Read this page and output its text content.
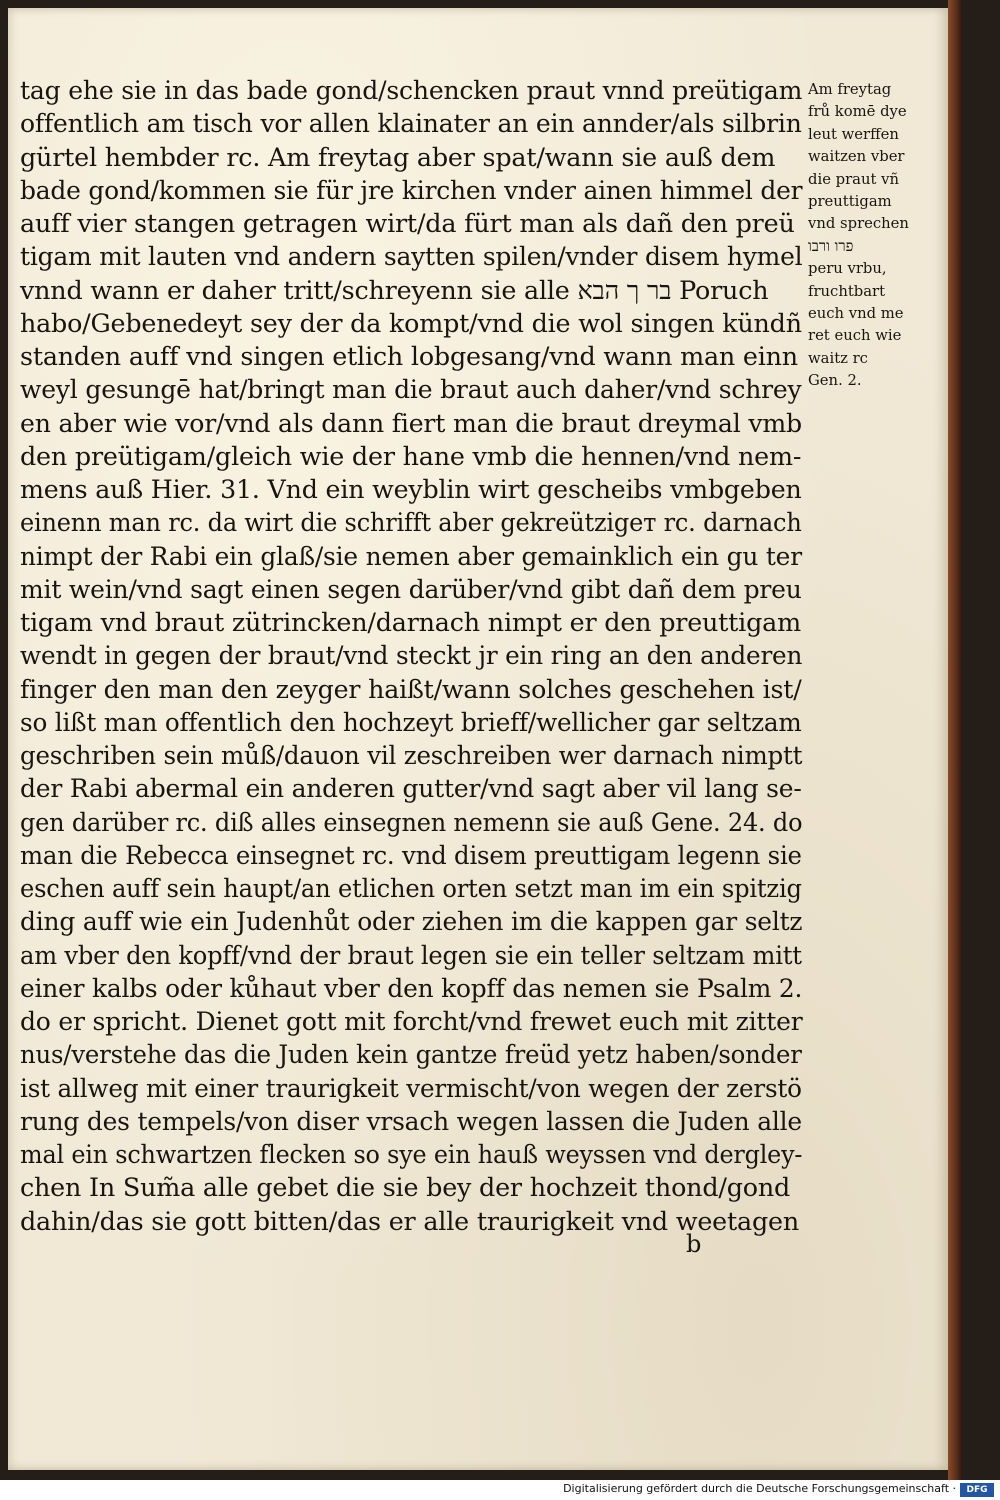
tag ehe sie in das bade gond/schencken praut vnnd preütigam
offentlich am tisch vor allen klainater an ein annder/als silbrin
gürtel hembder rc. Am freytag aber spat/wann sie auß dem
bade gond/kommen sie für jre kirchen vnder ainen himmel der
auff vier stangen getragen wirt/da fürt man als dañ den preü
tigam mit lauten vnd andern saytten spilen/vnder disem hymel
vnnd wann er daher tritt/schreyenn sie alle בר ך הבא Poruch
habo/Gebenedeyt sey der da kompt/vnd die wol singen kündñ
standen auff vnd singen etlich lobgesang/vnd wann man einn
weyl gesungē hat/bringt man die braut auch daher/vnd schrey
en aber wie vor/vnd als dann fiert man die braut dreymal vmb
den preütigam/gleich wie der hane vmb die hennen/vnd nem-
mens auß Hier. 31. Vnd ein weyblin wirt gescheibs vmbgeben
einenn man rc. da wirt die schrifft aber gekreützigeт rc. darnach
nimpt der Rabi ein glaß/sie nemen aber gemainklich ein gu ter
mit wein/vnd sagt einen segen darüber/vnd gibt dañ dem preu
tigam vnd braut zütrincken/darnach nimpt er den preuttigam
wendt in gegen der braut/vnd steckt jr ein ring an den anderen
finger den man den zeyger haißt/wann solches geschehen ist/
so lißt man offentlich den hochzeyt brieff/wellicher gar seltzam
geschriben sein můß/dauon vil zeschreiben wer darnach nimptt
der Rabi abermal ein anderen gutter/vnd sagt aber vil lang se-
gen darüber rc. diß alles einsegnen nemenn sie auß Gene. 24. do
man die Rebecca einsegnet rc. vnd disem preuttigam legenn sie
eschen auff sein haupt/an etlichen orten setzt man im ein spitzig
ding auff wie ein Judenhůt oder ziehen im die kappen gar seltz
am vber den kopff/vnd der braut legen sie ein teller seltzam mitt
einer kalbs oder kůhaut vber den kopff das nemen sie Psalm 2.
do er spricht. Dienet gott mit forcht/vnd frewet euch mit zitter
nus/verstehe das die Juden kein gantze freüd yetz haben/sonder
ist allweg mit einer traurigkeit vermischt/von wegen der zerstö
rung des tempels/von diser vrsach wegen lassen die Juden alle
mal ein schwartzen flecken so sye ein hauß weyssen vnd dergley-
chen In Sum̃a alle gebet die sie bey der hochzeit thond/gond
dahin/das sie gott bitten/das er alle traurigkeit vnd weetagen
Am freytag
frů komē dye
leut werffen
waitzen vber
die praut vñ
preuttigam
vnd sprechen
פרו ורבו
peru vrbu,
fruchtbart
euch vnd me
ret euch wie
waitz rc
Gen. 2.
b
Digitalisierung gefördert durch die Deutsche Forschungsgemeinschaft ·	DFG
